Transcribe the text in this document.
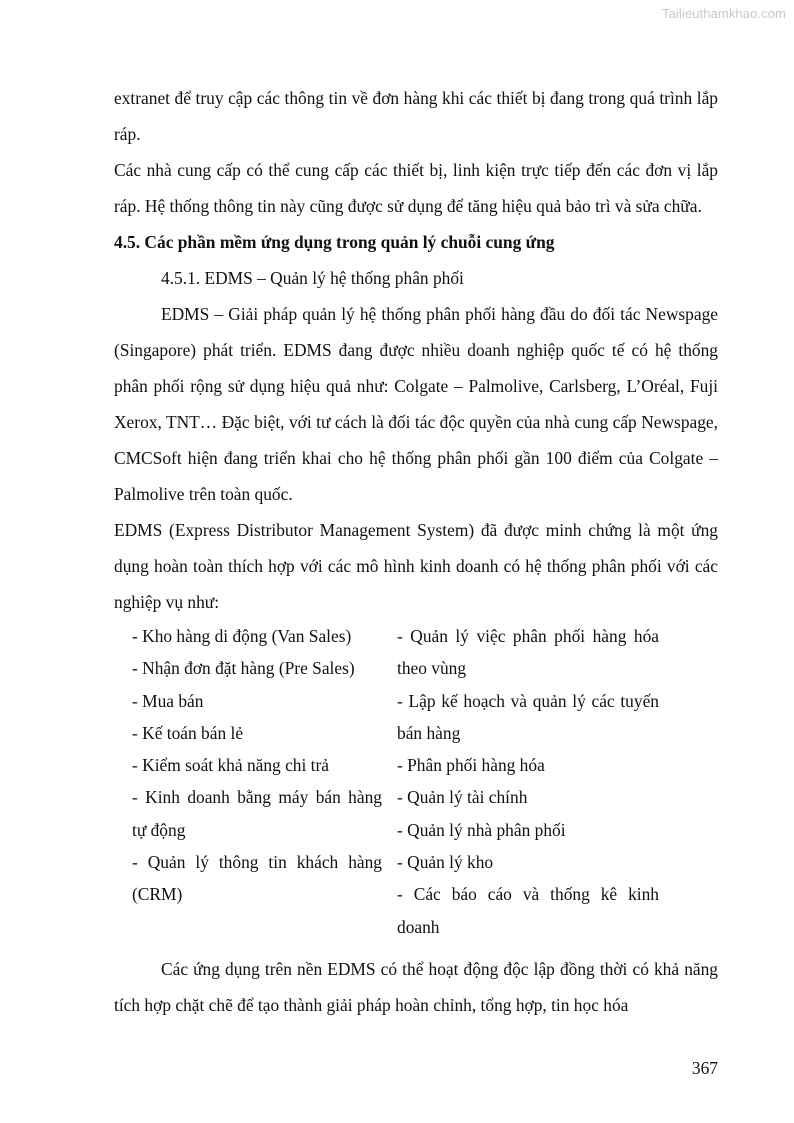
Tailieuthamkhao.com

extranet để truy cập các thông tin về đơn hàng khi các thiết bị đang trong quá trình lắp ráp.

Các nhà cung cấp có thể cung cấp các thiết bị, linh kiện trực tiếp đến các đơn vị lắp ráp. Hệ thống thông tin này cũng được sử dụng để tăng hiệu quả bảo trì và sửa chữa.

4.5. Các phần mềm ứng dụng trong quản lý chuỗi cung ứng

4.5.1. EDMS – Quản lý hệ thống phân phối

EDMS – Giải pháp quản lý hệ thống phân phối hàng đầu do đối tác Newspage (Singapore) phát triển. EDMS đang được nhiều doanh nghiệp quốc tế có hệ thống phân phối rộng sử dụng hiệu quả như: Colgate – Palmolive, Carlsberg, L’Oréal, Fuji Xerox, TNT… Đặc biệt, với tư cách là đối tác độc quyền của nhà cung cấp Newspage, CMCSoft hiện đang triển khai cho hệ thống phân phối gần 100 điểm của Colgate – Palmolive trên toàn quốc.

EDMS (Express Distributor Management System) đã được minh chứng là một ứng dụng hoàn toàn thích hợp với các mô hình kinh doanh có hệ thống phân phối với các nghiệp vụ như:

- Kho hàng di động (Van Sales)

- Nhận đơn đặt hàng (Pre Sales)

- Mua bán

- Kế toán bán lẻ

- Kiểm soát khả năng chi trả

- Kinh doanh bằng máy bán hàng tự động

- Quản lý thông tin khách hàng (CRM)

- Quản lý việc phân phối hàng hóa theo vùng

- Lập kế hoạch và quản lý các tuyến bán hàng

- Phân phối hàng hóa

- Quản lý tài chính

- Quản lý nhà phân phối

- Quản lý kho

- Các báo cáo và thống kê kinh doanh

Các ứng dụng trên nền EDMS có thể hoạt động độc lập đồng thời có khả năng tích hợp chặt chẽ để tạo thành giải pháp hoàn chỉnh, tổng hợp, tin học hóa

367
